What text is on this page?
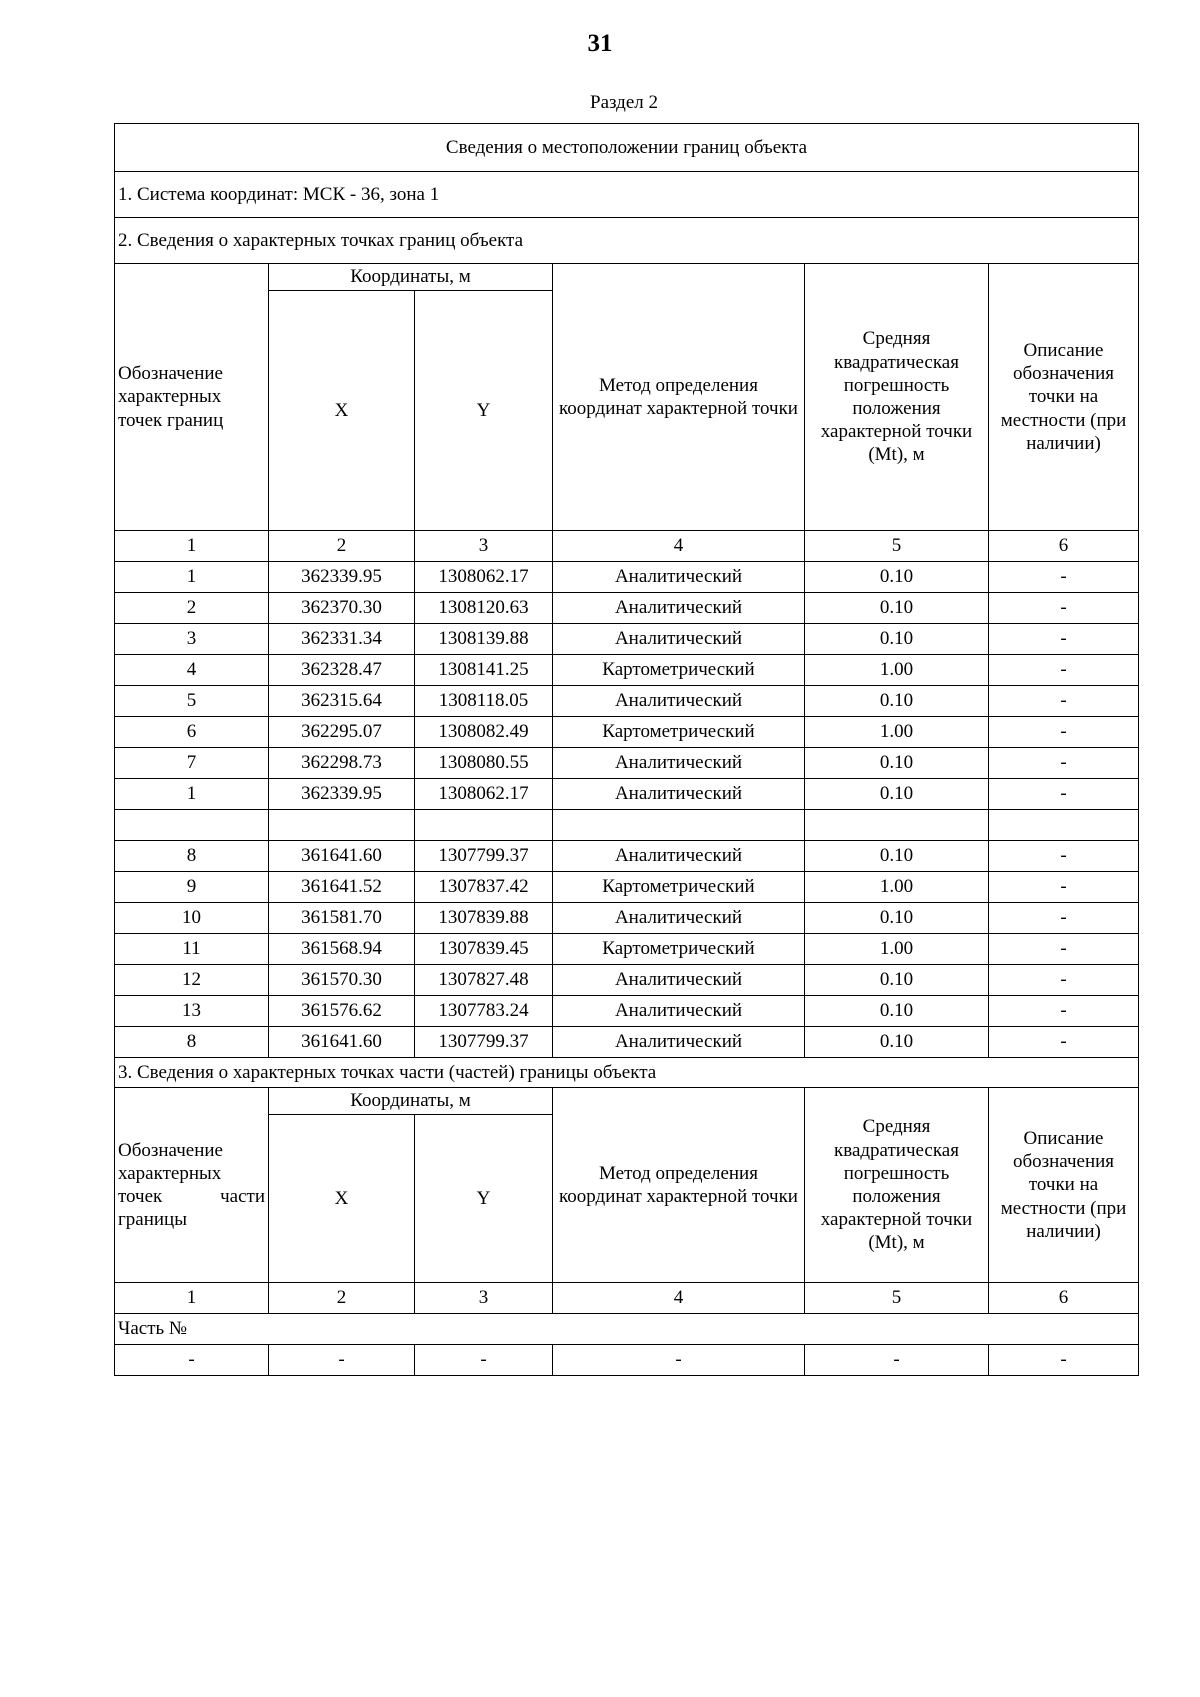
31
Раздел 2
Сведения о местоположении границ объекта					
1. Система координат: МСК - 36, зона 1					
2. Сведения о характерных точках границ объекта					
Обозначение характерных точек границ	Координаты, м		Метод определения координат характерной точки	Средняя квадратическая погрешность положения характерной точки (Mt), м	Описание обозначения точки на местности (при наличии)
	X	Y			
1	2	3	4	5	6
1	362339.95	1308062.17	Аналитический	0.10	-
2	362370.30	1308120.63	Аналитический	0.10	-
3	362331.34	1308139.88	Аналитический	0.10	-
4	362328.47	1308141.25	Картометрический	1.00	-
5	362315.64	1308118.05	Аналитический	0.10	-
6	362295.07	1308082.49	Картометрический	1.00	-
7	362298.73	1308080.55	Аналитический	0.10	-
1	362339.95	1308062.17	Аналитический	0.10	-

8	361641.60	1307799.37	Аналитический	0.10	-
9	361641.52	1307837.42	Картометрический	1.00	-
10	361581.70	1307839.88	Аналитический	0.10	-
11	361568.94	1307839.45	Картометрический	1.00	-
12	361570.30	1307827.48	Аналитический	0.10	-
13	361576.62	1307783.24	Аналитический	0.10	-
8	361641.60	1307799.37	Аналитический	0.10	-
3. Сведения о характерных точках части (частей) границы объекта					
Обозначение характерных точек части границы	Координаты, м		Метод определения координат характерной точки	Средняя квадратическая погрешность положения характерной точки (Mt), м	Описание обозначения точки на местности (при наличии)
	X	Y			
1	2	3	4	5	6
Часть №					
-	-	-	-	-	-
